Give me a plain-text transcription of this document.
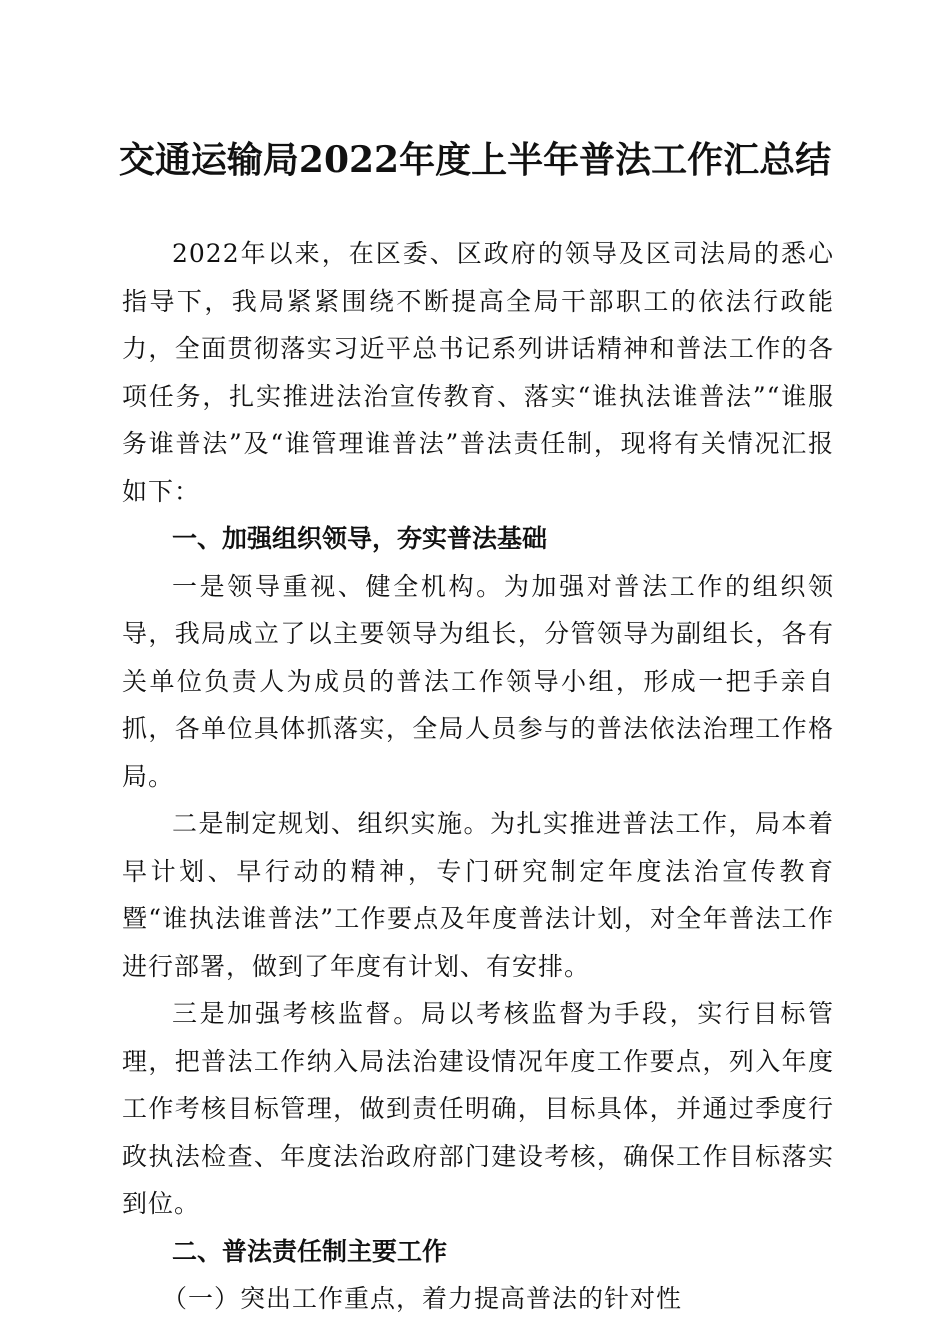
交通运输局2022年度上半年普法工作汇总结

2022年以来，在区委、区政府的领导及区司法局的悉心指导下，我局紧紧围绕不断提高全局干部职工的依法行政能力，全面贯彻落实习近平总书记系列讲话精神和普法工作的各项任务，扎实推进法治宣传教育、落实“谁执法谁普法”“谁服务谁普法”及“谁管理谁普法”普法责任制，现将有关情况汇报如下：

一、加强组织领导，夯实普法基础

一是领导重视、健全机构。为加强对普法工作的组织领导，我局成立了以主要领导为组长，分管领导为副组长，各有关单位负责人为成员的普法工作领导小组，形成一把手亲自抓，各单位具体抓落实，全局人员参与的普法依法治理工作格局。

二是制定规划、组织实施。为扎实推进普法工作，局本着早计划、早行动的精神，专门研究制定年度法治宣传教育暨“谁执法谁普法”工作要点及年度普法计划，对全年普法工作进行部署，做到了年度有计划、有安排。

三是加强考核监督。局以考核监督为手段，实行目标管理，把普法工作纳入局法治建设情况年度工作要点，列入年度工作考核目标管理，做到责任明确，目标具体，并通过季度行政执法检查、年度法治政府部门建设考核，确保工作目标落实到位。

二、普法责任制主要工作

（一）突出工作重点，着力提高普法的针对性
